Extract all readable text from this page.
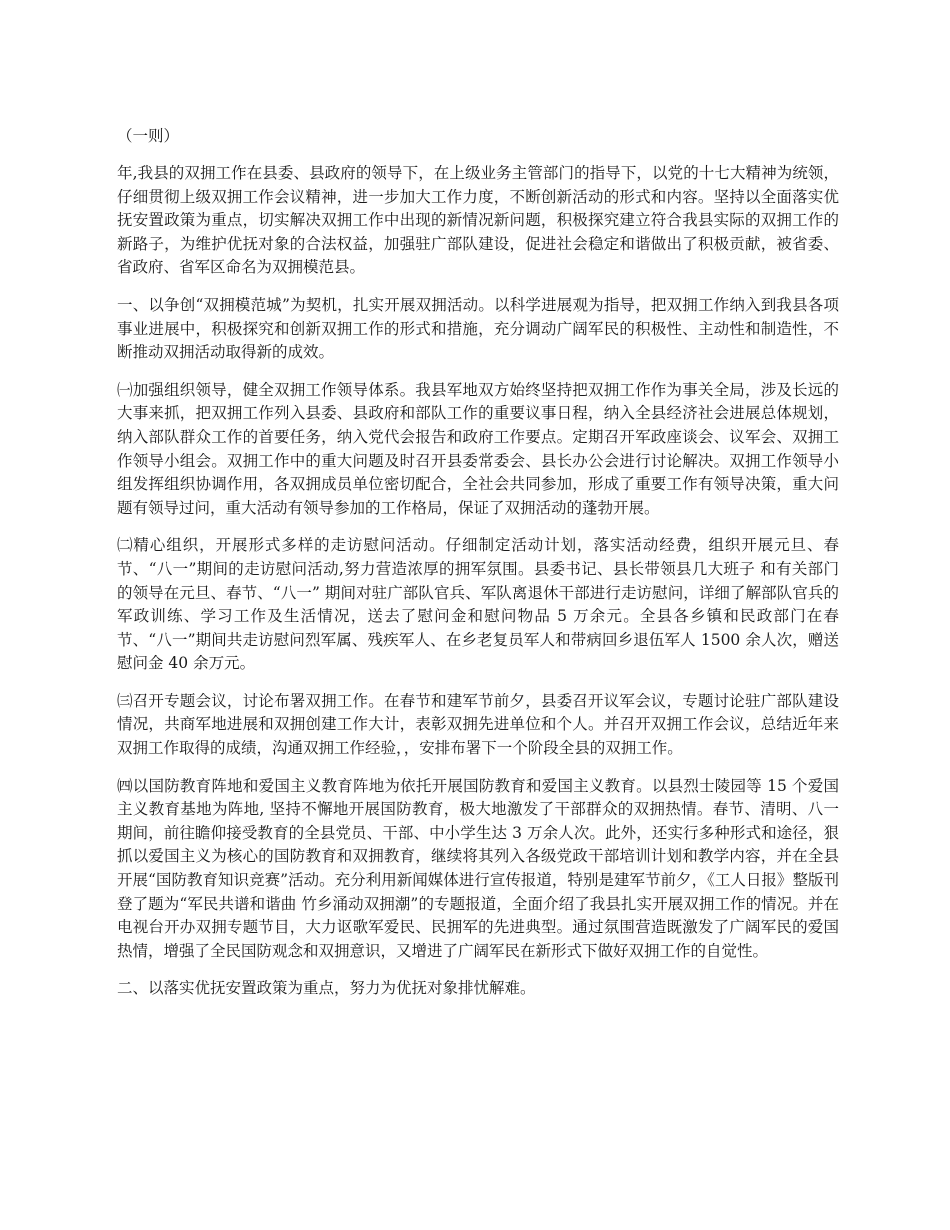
（一则）

年,我县的双拥工作在县委、县政府的领导下，在上级业务主管部门的指导下，以党的十七大精神为统领，仔细贯彻上级双拥工作会议精神，进一步加大工作力度，不断创新活动的形式和内容。坚持以全面落实优抚安置政策为重点，切实解决双拥工作中出现的新情况新问题，积极探究建立符合我县实际的双拥工作的新路子，为维护优抚对象的合法权益，加强驻广部队建设，促进社会稳定和谐做出了积极贡献，被省委、省政府、省军区命名为双拥模范县。

一、以争创“双拥模范城”为契机，扎实开展双拥活动。以科学进展观为指导，把双拥工作纳入到我县各项事业进展中，积极探究和创新双拥工作的形式和措施，充分调动广阔军民的积极性、主动性和制造性，不断推动双拥活动取得新的成效。

㈠加强组织领导，健全双拥工作领导体系。我县军地双方始终坚持把双拥工作作为事关全局，涉及长远的大事来抓，把双拥工作列入县委、县政府和部队工作的重要议事日程，纳入全县经济社会进展总体规划，纳入部队群众工作的首要任务，纳入党代会报告和政府工作要点。定期召开军政座谈会、议军会、双拥工作领导小组会。双拥工作中的重大问题及时召开县委常委会、县长办公会进行讨论解决。双拥工作领导小组发挥组织协调作用，各双拥成员单位密切配合，全社会共同参加，形成了重要工作有领导决策，重大问题有领导过问，重大活动有领导参加的工作格局，保证了双拥活动的蓬勃开展。

㈡精心组织，开展形式多样的走访慰问活动。仔细制定活动计划，落实活动经费，组织开展元旦、春节、“八一”期间的走访慰问活动,努力营造浓厚的拥军氛围。县委书记、县长带领县几大班子 和有关部门的领导在元旦、春节、“八一” 期间对驻广部队官兵、军队离退休干部进行走访慰问，详细了解部队官兵的军政训练、学习工作及生活情况，送去了慰问金和慰问物品 5 万余元。全县各乡镇和民政部门在春节、“八一”期间共走访慰问烈军属、残疾军人、在乡老复员军人和带病回乡退伍军人 1500 余人次，赠送慰问金 40 余万元。

㈢召开专题会议，讨论布署双拥工作。在春节和建军节前夕，县委召开议军会议，专题讨论驻广部队建设情况，共商军地进展和双拥创建工作大计，表彰双拥先进单位和个人。并召开双拥工作会议，总结近年来双拥工作取得的成绩，沟通双拥工作经验，，安排布署下一个阶段全县的双拥工作。

㈣以国防教育阵地和爱国主义教育阵地为依托开展国防教育和爱国主义教育。以县烈士陵园等 15 个爱国主义教育基地为阵地, 坚持不懈地开展国防教育，极大地激发了干部群众的双拥热情。春节、清明、八一期间，前往瞻仰接受教育的全县党员、干部、中小学生达 3 万余人次。此外，还实行多种形式和途径，狠抓以爱国主义为核心的国防教育和双拥教育，继续将其列入各级党政干部培训计划和教学内容，并在全县开展“国防教育知识竞赛”活动。充分利用新闻媒体进行宣传报道，特别是建军节前夕，《工人日报》整版刊登了题为“军民共谱和谐曲 竹乡涌动双拥潮”的专题报道，全面介绍了我县扎实开展双拥工作的情况。并在电视台开办双拥专题节目，大力讴歌军爱民、民拥军的先进典型。通过氛围营造既激发了广阔军民的爱国热情，增强了全民国防观念和双拥意识，又增进了广阔军民在新形式下做好双拥工作的自觉性。

二、以落实优抚安置政策为重点，努力为优抚对象排忧解难。
